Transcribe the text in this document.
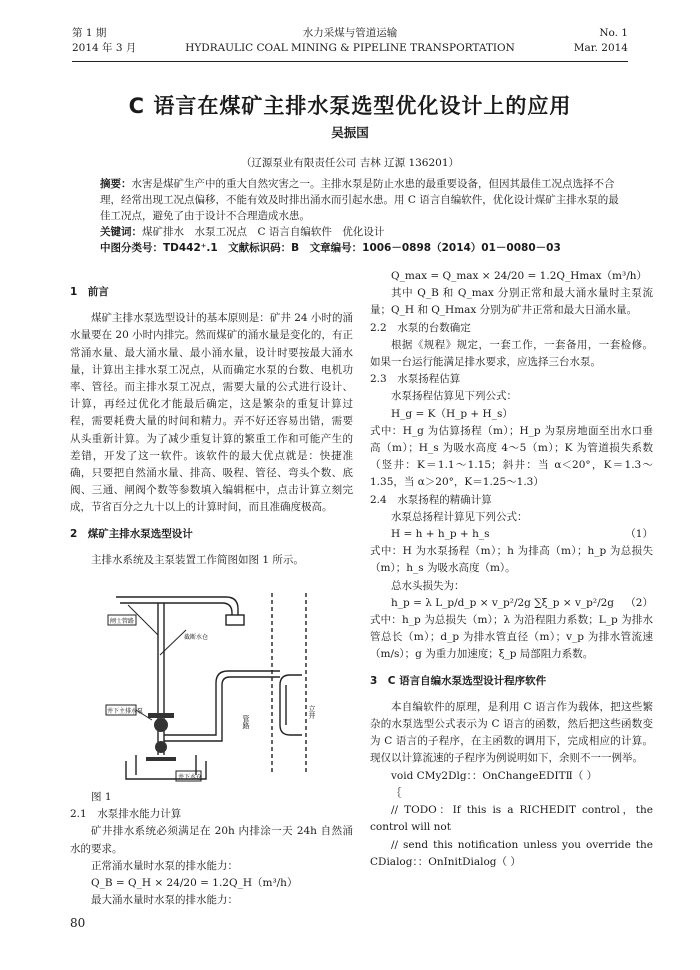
第 1 期
2014 年 3 月
水力采煤与管道运输
HYDRAULIC COAL MINING & PIPELINE TRANSPORTATION
No. 1
Mar. 2014
C 语言在煤矿主排水泵选型优化设计上的应用
吴振国
（辽源泵业有限责任公司 吉林 辽源 136201）
摘要：水害是煤矿生产中的重大自然灾害之一。主排水泵是防止水患的最重要设备，但因其最佳工况点选择不合理，经常出现工况点偏移，不能有效及时排出涌水而引起水患。用 C 语言自编软件，优化设计煤矿主排水泵的最佳工况点，避免了由于设计不合理造成水患。
关键词：煤矿排水　水泵工况点　C 语言自编软件　优化设计
中图分类号：TD442⁺.1　文献标识码：B　文章编号：1006－0898（2014）01－0080－03
1　前言

煤矿主排水泵选型设计的基本原则是：矿井 24 小时的涌水量要在 20 小时内排完。然而煤矿的涌水量是变化的，有正常涌水量、最大涌水量、最小涌水量，设计时要按最大涌水量，计算出主排水泵工况点，从而确定水泵的台数、电机功率、管径。而主排水泵工况点，需要大量的公式进行设计、计算，再经过优化才能最后确定，这是繁杂的重复计算过程，需要耗费大量的时间和精力。弄不好还容易出错，需要从头重新计算。为了减少重复计算的繁重工作和可能产生的差错，开发了这一软件。该软件的最大优点就是：快捷准确，只要把自然涌水量、排高、吸程、管径、弯头个数、底阀、三通、闸阀个数等参数填入编辑框中，点击计算立刻完成，节省百分之九十以上的计算时间，而且准确度极高。

2　煤矿主排水泵选型设计

主排水系统及主泵装置工作简图如图 1 所示。

闸士管路
截断水仓
井下主排水泵
管路
立井
井下水仓

图 1

2.1　水泵排水能力计算

矿井排水系统必须满足在 20h 内排涂一天 24h 自然涌水的要求。

正常涌水量时水泵的排水能力：

Q_B = Q_H × 24/20 = 1.2Q_H（m³/h）

最大涌水量时水泵的排水能力：

Q_max = Q_max × 24/20 = 1.2Q_Hmax（m³/h）

其中 Q_B 和 Q_max 分别正常和最大涌水量时主泵流量；Q_H 和 Q_Hmax 分别为矿井正常和最大日涌水量。

2.2　水泵的台数确定

根据《规程》规定，一套工作，一套备用，一套检修。如果一台运行能满足排水要求，应选择三台水泵。

2.3　水泵扬程估算

水泵扬程估算见下列公式：

H_g = K（H_p + H_s）

式中：H_g 为估算扬程（m）；H_p 为泵房地面至出水口垂高（m）；H_s 为吸水高度 4～5（m）；K 为管道损失系数（竖井：K＝1.1～1.15；斜井：当 α＜20°，K＝1.3～1.35，当 α＞20°，K＝1.25～1.3）

2.4　水泵扬程的精确计算

水泵总扬程计算见下列公式：

H = h + h_p + h_s	（1）

式中：H 为水泵扬程（m）；h 为排高（m）；h_p 为总损失（m）；h_s 为吸水高度（m）。

总水头损失为：

h_p = λ L_p/d_p × v_p²/2g ∑ξ_p × v_p²/2g （2）

式中：h_p 为总损失（m）；λ 为沿程阻力系数；L_p 为排水管总长（m）；d_p 为排水管直径（m）；v_p 为排水管流速（m/s）；g 为重力加速度；ξ_p 局部阻力系数。

3　C 语言自编水泵选型设计程序软件

本自编软件的原理，是利用 C 语言作为载体，把这些繁杂的水泵选型公式表示为 C 语言的函数，然后把这些函数变为 C 语言的子程序，在主函数的调用下，完成相应的计算。现仅以计算流速的子程序为例说明如下，余则不一一例举。

void CMy2Dlg：：OnChangeEDITⅡ（ ）

｛

// TODO：If this is a RICHEDIT control，the control will not

// send this notification unless you override the CDialog：：OnInitDialog（ ）

80
